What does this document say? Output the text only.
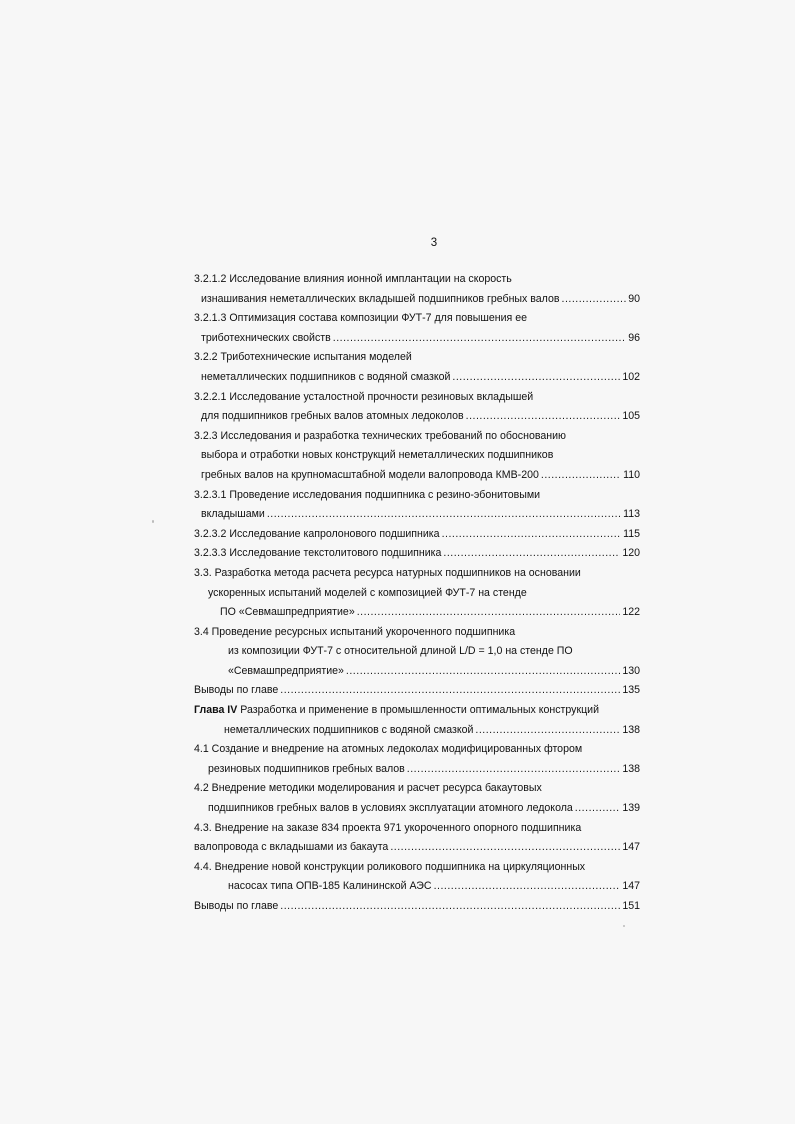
3
3.2.1.2 Исследование влияния ионной имплантации на скорость
изнашивания неметаллических вкладышей подшипников гребных валов .....	90
3.2.1.3 Оптимизация состава композиции ФУТ-7 для повышения ее
триботехнических свойств .....	96
3.2.2 Триботехнические испытания моделей
неметаллических подшипников с водяной смазкой .....	102
3.2.2.1 Исследование усталостной прочности резиновых вкладышей
для подшипников гребных валов атомных ледоколов .....	105
3.2.3 Исследования и разработка технических требований по обоснованию
выбора и отработки новых конструкций неметаллических подшипников
гребных валов на крупномасштабной модели валопровода КМВ-200 .....	110
3.2.3.1 Проведение исследования подшипника с резино-эбонитовыми
вкладышами .....	113
3.2.3.2 Исследование капролонового подшипника .....	115
3.2.3.3 Исследование текстолитового подшипника .....	120
3.3. Разработка метода расчета ресурса натурных подшипников на основании
ускоренных испытаний моделей с композицией ФУТ-7 на стенде
ПО «Севмашпредприятие» .....	122
3.4 Проведение ресурсных испытаний укороченного подшипника
из композиции ФУТ-7 с относительной длиной L/D = 1,0 на стенде ПО
«Севмашпредприятие» .....	130
Выводы по главе .....	135
Глава IV Разработка и применение в промышленности оптимальных конструкций
неметаллических подшипников с водяной смазкой .....	138
4.1 Создание и внедрение на атомных ледоколах модифицированных фтором
резиновых подшипников гребных валов .....	138
4.2 Внедрение методики моделирования и расчет ресурса бакаутовых
подшипников гребных валов в условиях эксплуатации атомного ледокола .....	139
4.3. Внедрение на заказе 834 проекта 971 укороченного опорного подшипника
валопровода с вкладышами из бакаута .....	147
4.4. Внедрение новой конструкции роликового подшипника на циркуляционных
насосах типа ОПВ-185 Калининской АЭС .....	147
Выводы по главе .....	151
